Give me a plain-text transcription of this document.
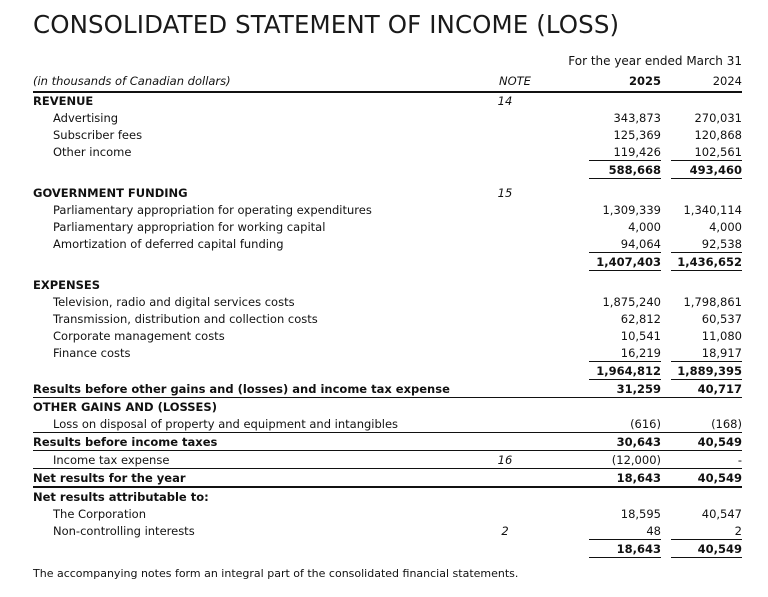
CONSOLIDATED STATEMENT OF INCOME (LOSS)
For the year ended March 31
(in thousands of Canadian dollars)	NOTE	2025	2024
REVENUE	14				
Advertising			343,873		270,031
Subscriber fees			125,369		120,868
Other income			119,426		102,561
			588,668		493,460

GOVERNMENT FUNDING	15				
Parliamentary appropriation for operating expenditures			1,309,339		1,340,114
Parliamentary appropriation for working capital			4,000		4,000
Amortization of deferred capital funding			94,064		92,538
			1,407,403		1,436,652

EXPENSES					
Television, radio and digital services costs			1,875,240		1,798,861
Transmission, distribution and collection costs			62,812		60,537
Corporate management costs			10,541		11,080
Finance costs			16,219		18,917
			1,964,812		1,889,395
Results before other gains and (losses) and income tax expense			31,259		40,717
OTHER GAINS AND (LOSSES)					
Loss on disposal of property and equipment and intangibles			(616)		(168)
Results before income taxes			30,643		40,549
Income tax expense	16		(12,000)		-
Net results for the year			18,643		40,549
Net results attributable to:					
The Corporation			18,595		40,547
Non-controlling interests	2		48		2
			18,643		40,549
The accompanying notes form an integral part of the consolidated financial statements.
